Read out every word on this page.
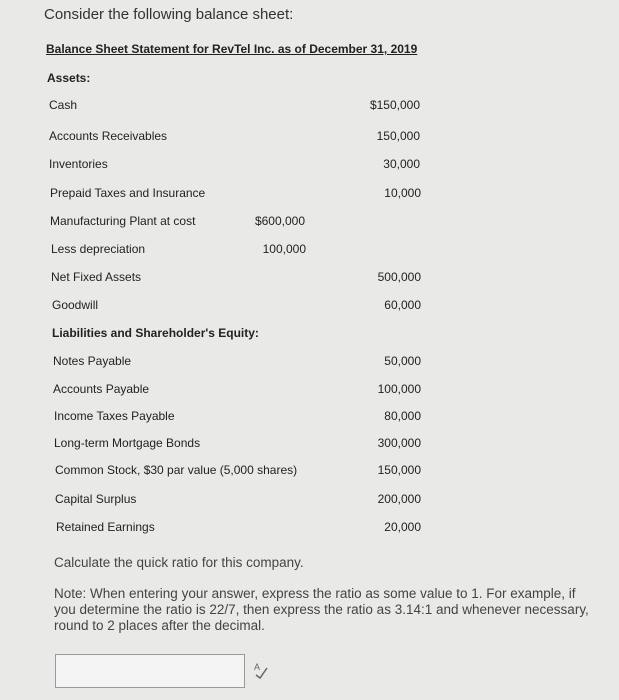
Consider the following balance sheet:
Balance Sheet Statement for RevTel Inc. as of December 31, 2019
Assets:
Cash	$150,000
Accounts Receivables	150,000
Inventories	30,000
Prepaid Taxes and Insurance	10,000
Manufacturing Plant at cost	$600,000
Less depreciation	100,000
Net Fixed Assets	500,000
Goodwill	60,000
Liabilities and Shareholder's Equity:
Notes Payable	50,000
Accounts Payable	100,000
Income Taxes Payable	80,000
Long-term Mortgage Bonds	300,000
Common Stock, $30 par value (5,000 shares)	150,000
Capital Surplus	200,000
Retained Earnings	20,000
Calculate the quick ratio for this company.
Note: When entering your answer, express the ratio as some value to 1. For example, if you determine the ratio is 22/7, then express the ratio as 3.14:1 and whenever necessary, round to 2 places after the decimal.
A
